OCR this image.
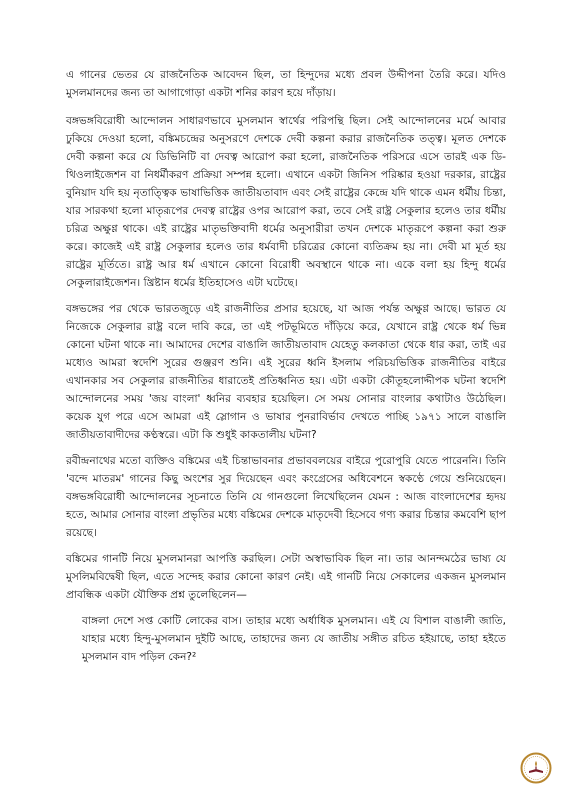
এ গানের ভেতর যে রাজনৈতিক আবেদন ছিল, তা হিন্দুদের মধ্যে প্রবল উদ্দীপনা তৈরি করে। যদিও মুসলমানদের জন্য তা আগাগোড়া একটা শনির কারণ হয়ে দাঁড়ায়।

বঙ্গভঙ্গবিরোধী আন্দোলন সাধারণভাবে মুসলমান স্বার্থের পরিপন্থি ছিল। সেই আন্দোলনের মর্মে আবার ঢুকিয়ে দেওয়া হলো, বঙ্কিমচন্দ্রের অনুসরণে দেশকে দেবী কল্পনা করার রাজনৈতিক তত্ত্ব। মূলত দেশকে দেবী কল্পনা করে যে ডিভিনিটি বা দেবত্ব আরোপ করা হলো, রাজনৈতিক পরিসরে এসে তারই এক ডি-থিওলাইজেশন বা নিধর্মীকরণ প্রক্রিয়া সম্পন্ন হলো। এখানে একটা জিনিস পরিষ্কার হওয়া দরকার, রাষ্ট্রের বুনিয়াদ যদি হয় নৃতাত্ত্বিক ভাষাভিত্তিক জাতীয়তাবাদ এবং সেই রাষ্ট্রের কেন্দ্রে যদি থাকে এমন ধর্মীয় চিন্তা, যার সারকথা হলো মাতৃরূপের দেবত্ব রাষ্ট্রের ওপর আরোপ করা, তবে সেই রাষ্ট্র সেকুলার হলেও তার ধর্মীয় চরিত্র অক্ষুণ্ণ থাকে। এই রাষ্ট্রের মাতৃভক্তিবাদী ধর্মের অনুসারীরা তখন দেশকে মাতৃরূপে কল্পনা করা শুরু করে। কাজেই এই রাষ্ট্র সেকুলার হলেও তার ধর্মবাদী চরিত্রের কোনো ব্যতিক্রম হয় না। দেবী মা মূর্ত হয় রাষ্ট্রের মূর্তিতে। রাষ্ট্র আর ধর্ম এখানে কোনো বিরোধী অবস্থানে থাকে না। একে বলা হয় হিন্দু ধর্মের সেকুলারাইজেশন। খ্রিষ্টান ধর্মের ইতিহাসেও এটা ঘটেছে।

বঙ্গভঙ্গের পর থেকে ভারতজুড়ে এই রাজনীতির প্রসার হয়েছে, যা আজ পর্যন্ত অক্ষুণ্ণ আছে। ভারত যে নিজেকে সেকুলার রাষ্ট্র বলে দাবি করে, তা এই পটভূমিতে দাঁড়িয়ে করে, যেখানে রাষ্ট্র থেকে ধর্ম ভিন্ন কোনো ঘটনা থাকে না। আমাদের দেশের বাঙালি জাতীয়তাবাদ যেহেতু কলকাতা থেকে ধার করা, তাই এর মধ্যেও আমরা স্বদেশি সুরের গুঞ্জরণ শুনি। এই সুরের ধ্বনি ইসলাম পরিচয়ভিত্তিক রাজনীতির বাইরে এখানকার সব সেকুলার রাজনীতির ধারাতেই প্রতিধ্বনিত হয়। এটা একটা কৌতূহলোদ্দীপক ঘটনা স্বদেশি আন্দোলনের সময় 'জয় বাংলা' ধ্বনির ব্যবহার হয়েছিল। সে সময় সোনার বাংলার কথাটাও উঠেছিল। কয়েক যুগ পরে এসে আমরা এই স্লোগান ও ভাষার পুনরাবির্ভাব দেখতে পাচ্ছি ১৯৭১ সালে বাঙালি জাতীয়তাবাদীদের কণ্ঠস্বরে। এটা কি শুধুই কাকতালীয় ঘটনা?

রবীন্দ্রনাথের মতো ব্যক্তিও বঙ্কিমের এই চিন্তাভাবনার প্রভাববলয়ের বাইরে পুরোপুরি যেতে পারেননি। তিনি 'বন্দে মাতরম' গানের কিছু অংশের সুর দিয়েছেন এবং কংগ্রেসের অধিবেশনে স্বকণ্ঠে গেয়ে শুনিয়েছেন। বঙ্গভঙ্গবিরোধী আন্দোলনের সূচনাতে তিনি যে গানগুলো লিখেছিলেন যেমন : আজ বাংলাদেশের হৃদয় হতে, আমার সোনার বাংলা প্রভৃতির মধ্যে বঙ্কিমের দেশকে মাতৃদেবী হিসেবে গণ্য করার চিন্তার কমবেশি ছাপ রয়েছে।

বঙ্কিমের গানটি নিয়ে মুসলমানরা আপত্তি করছিল। সেটা অস্বাভাবিক ছিল না। তার আনন্দমঠের ভাষ্য যে মুসলিমবিদ্বেষী ছিল, এতে সন্দেহ করার কোনো কারণ নেই। এই গানটি নিয়ে সেকালের একজন মুসলমান প্রাবন্ধিক একটা যৌক্তিক প্রশ্ন তুলেছিলেন—

বাঙ্গলা দেশে সপ্ত কোটি লোকের বাস। তাহার মধ্যে অর্ধাধিক মুসলমান। এই যে বিশাল বাঙালী জাতি, যাহার মধ্যে হিন্দু-মুসলমান দুইটি আছে, তাহাদের জন্য যে জাতীয় সঙ্গীত রচিত হইয়াছে, তাহা হইতে মুসলমান বাদ পড়িল কেন?²
